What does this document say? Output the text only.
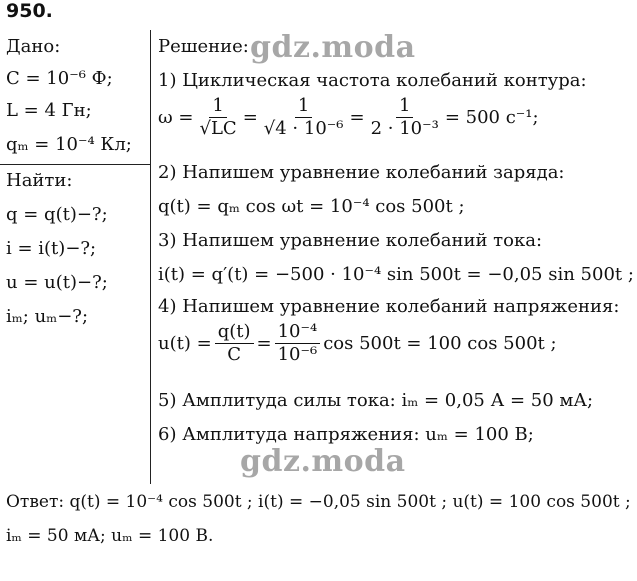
950.
Дано:
C = 10⁻⁶ Ф;
L = 4 Гн;
qₘ = 10⁻⁴ Кл;
Найти:
q = q(t)−?;
i = i(t)−?;
u = u(t)−?;
iₘ; uₘ−?;
Решение:
1) Циклическая частота колебаний контура:
$\omega = \frac{1}{√LC} = \frac{1}{\text{√4 · 10⁻⁶}} = \frac{1}{\text{2 · 10⁻³}} = 500$ с⁻¹;
2) Напишем уравнение колебаний заряда:
q(t) = qₘ cos ωt = 10⁻⁴ cos 500t ;
3) Напишем уравнение колебаний тока:
i(t) = q′(t) = −500 · 10⁻⁴ sin 500t = −0,05 sin 500t ;
4) Напишем уравнение колебаний напряжения:
$u(t) = \frac{q(t)}{C} = \frac{\text{10⁻⁴}}{\text{10⁻⁶}}$ cos 500t = 100 cos 500t ;
5) Амплитуда силы тока: iₘ = 0,05 А = 50 мА;
6) Амплитуда напряжения: uₘ = 100 В;
Ответ: q(t) = 10⁻⁴ cos 500t ; i(t) = −0,05 sin 500t ; u(t) = 100 cos 500t ;
iₘ = 50 мА; uₘ = 100 В.
gdz.moda
gdz.moda
